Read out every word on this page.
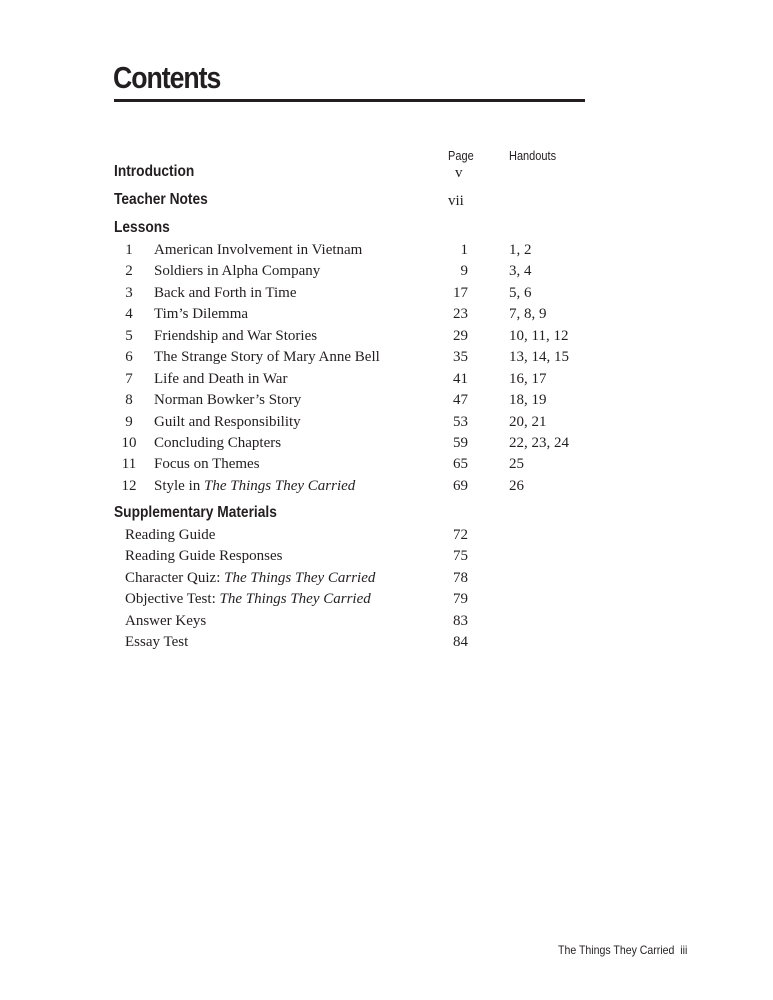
Contents
Page	Handouts
Introduction	v
Teacher Notes	vii
Lessons
1	American Involvement in Vietnam	1	1, 2
2	Soldiers in Alpha Company	9	3, 4
3	Back and Forth in Time	17	5, 6
4	Tim’s Dilemma	23	7, 8, 9
5	Friendship and War Stories	29	10, 11, 12
6	The Strange Story of Mary Anne Bell	35	13, 14, 15
7	Life and Death in War	41	16, 17
8	Norman Bowker’s Story	47	18, 19
9	Guilt and Responsibility	53	20, 21
10 Concluding Chapters	59	22, 23, 24
11 Focus on Themes	65	25
12 Style in The Things They Carried	69	26
Supplementary Materials
Reading Guide	72
Reading Guide Responses	75
Character Quiz: The Things They Carried	78
Objective Test: The Things They Carried	79
Answer Keys	83
Essay Test	84
The Things They Carried iii
